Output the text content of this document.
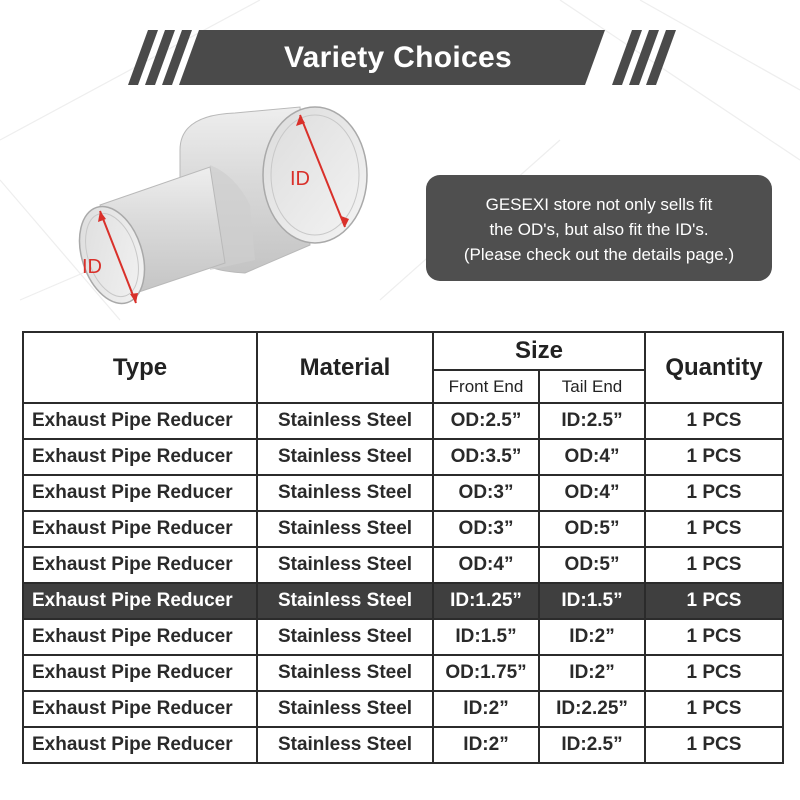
Variety Choices
ID
ID
GESEXI store not only sells fit
the OD's, but also fit the ID's.
(Please check out the details page.)
Type	Material	Size		Quantity
		Front End	Tail End	
Exhaust Pipe Reducer	Stainless Steel	OD:2.5”	ID:2.5”	1 PCS
Exhaust Pipe Reducer	Stainless Steel	OD:3.5”	OD:4”	1 PCS
Exhaust Pipe Reducer	Stainless Steel	OD:3”	OD:4”	1 PCS
Exhaust Pipe Reducer	Stainless Steel	OD:3”	OD:5”	1 PCS
Exhaust Pipe Reducer	Stainless Steel	OD:4”	OD:5”	1 PCS
Exhaust Pipe Reducer	Stainless Steel	ID:1.25”	ID:1.5”	1 PCS
Exhaust Pipe Reducer	Stainless Steel	ID:1.5”	ID:2”	1 PCS
Exhaust Pipe Reducer	Stainless Steel	OD:1.75”	ID:2”	1 PCS
Exhaust Pipe Reducer	Stainless Steel	ID:2”	ID:2.25”	1 PCS
Exhaust Pipe Reducer	Stainless Steel	ID:2”	ID:2.5”	1 PCS
